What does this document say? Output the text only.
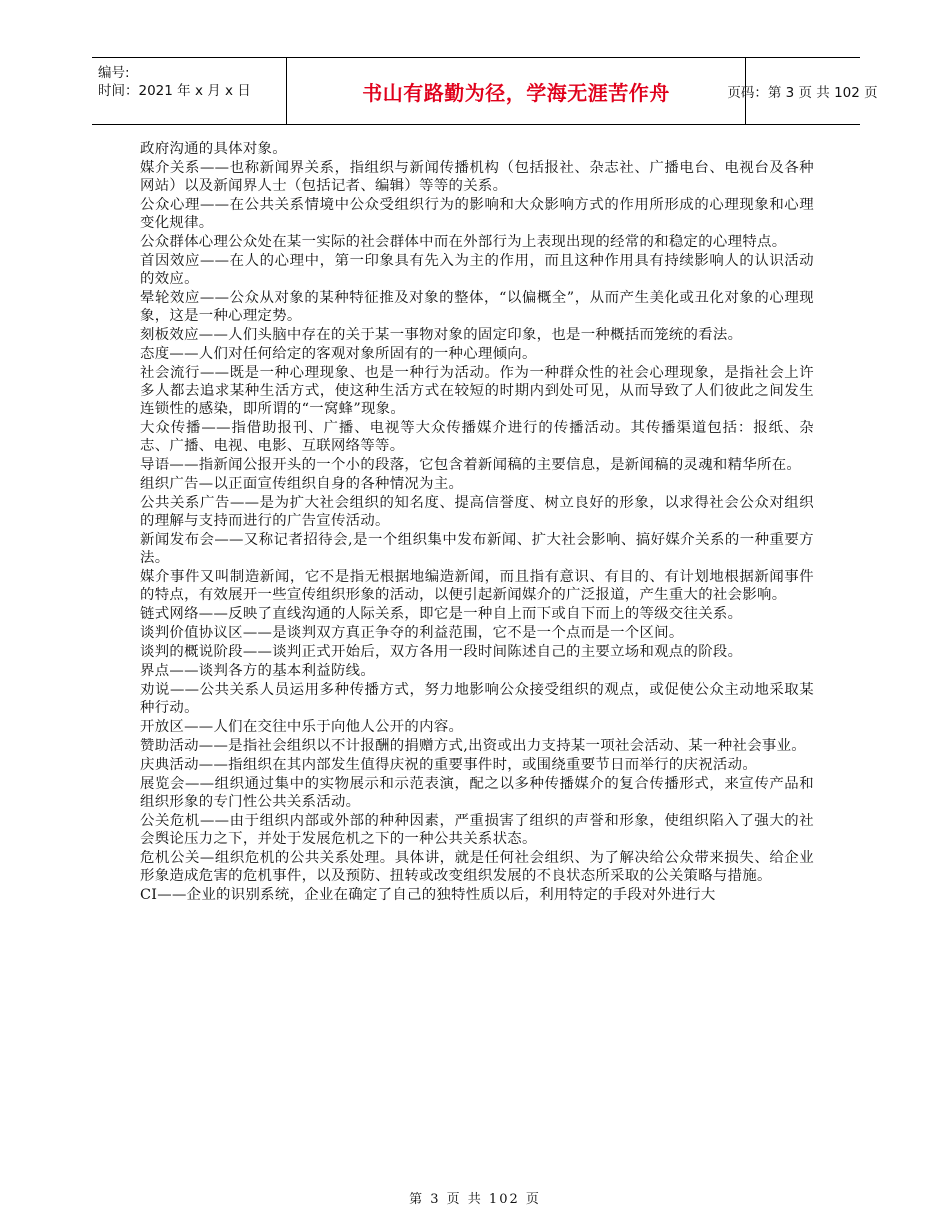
编号:
时间：2021 年 x 月 x 日	书山有路勤为径，学海无涯苦作舟	页码：第 3 页 共 102 页

政府沟通的具体对象。

媒介关系——也称新闻界关系，指组织与新闻传播机构（包括报社、杂志社、广播电台、电视台及各种网站）以及新闻界人士（包括记者、编辑）等等的关系。

公众心理——在公共关系情境中公众受组织行为的影响和大众影响方式的作用所形成的心理现象和心理变化规律。

公众群体心理公众处在某一实际的社会群体中而在外部行为上表现出现的经常的和稳定的心理特点。

首因效应——在人的心理中，第一印象具有先入为主的作用，而且这种作用具有持续影响人的认识活动的效应。

晕轮效应——公众从对象的某种特征推及对象的整体，“以偏概全”，从而产生美化或丑化对象的心理现象，这是一种心理定势。

刻板效应——人们头脑中存在的关于某一事物对象的固定印象，也是一种概括而笼统的看法。

态度——人们对任何给定的客观对象所固有的一种心理倾向。

社会流行——既是一种心理现象、也是一种行为活动。作为一种群众性的社会心理现象，是指社会上许多人都去追求某种生活方式，使这种生活方式在较短的时期内到处可见，从而导致了人们彼此之间发生连锁性的感染，即所谓的“一窝蜂”现象。

大众传播——指借助报刊、广播、电视等大众传播媒介进行的传播活动。其传播渠道包括：报纸、杂志、广播、电视、电影、互联网络等等。

导语——指新闻公报开头的一个小的段落，它包含着新闻稿的主要信息，是新闻稿的灵魂和精华所在。

组织广告—以正面宣传组织自身的各种情况为主。

公共关系广告——是为扩大社会组织的知名度、提高信誉度、树立良好的形象，以求得社会公众对组织的理解与支持而进行的广告宣传活动。

新闻发布会——又称记者招待会,是一个组织集中发布新闻、扩大社会影响、搞好媒介关系的一种重要方法。

媒介事件又叫制造新闻，它不是指无根据地编造新闻，而且指有意识、有目的、有计划地根据新闻事件的特点，有效展开一些宣传组织形象的活动，以便引起新闻媒介的广泛报道，产生重大的社会影响。

链式网络——反映了直线沟通的人际关系，即它是一种自上而下或自下而上的等级交往关系。

谈判价值协议区——是谈判双方真正争夺的利益范围，它不是一个点而是一个区间。

谈判的概说阶段——谈判正式开始后，双方各用一段时间陈述自己的主要立场和观点的阶段。

界点——谈判各方的基本利益防线。

劝说——公共关系人员运用多种传播方式，努力地影响公众接受组织的观点，或促使公众主动地采取某种行动。

开放区——人们在交往中乐于向他人公开的内容。

赞助活动——是指社会组织以不计报酬的捐赠方式,出资或出力支持某一项社会活动、某一种社会事业。

庆典活动——指组织在其内部发生值得庆祝的重要事件时，或围绕重要节日而举行的庆祝活动。

展览会——组织通过集中的实物展示和示范表演，配之以多种传播媒介的复合传播形式，来宣传产品和组织形象的专门性公共关系活动。

公关危机——由于组织内部或外部的种种因素，严重损害了组织的声誉和形象，使组织陷入了强大的社会舆论压力之下，并处于发展危机之下的一种公共关系状态。

危机公关—组织危机的公共关系处理。具体讲，就是任何社会组织、为了解决给公众带来损失、给企业形象造成危害的危机事件，以及预防、扭转或改变组织发展的不良状态所采取的公关策略与措施。

CI——企业的识别系统，企业在确定了自己的独特性质以后，利用特定的手段对外进行大

第 3 页 共 102 页
